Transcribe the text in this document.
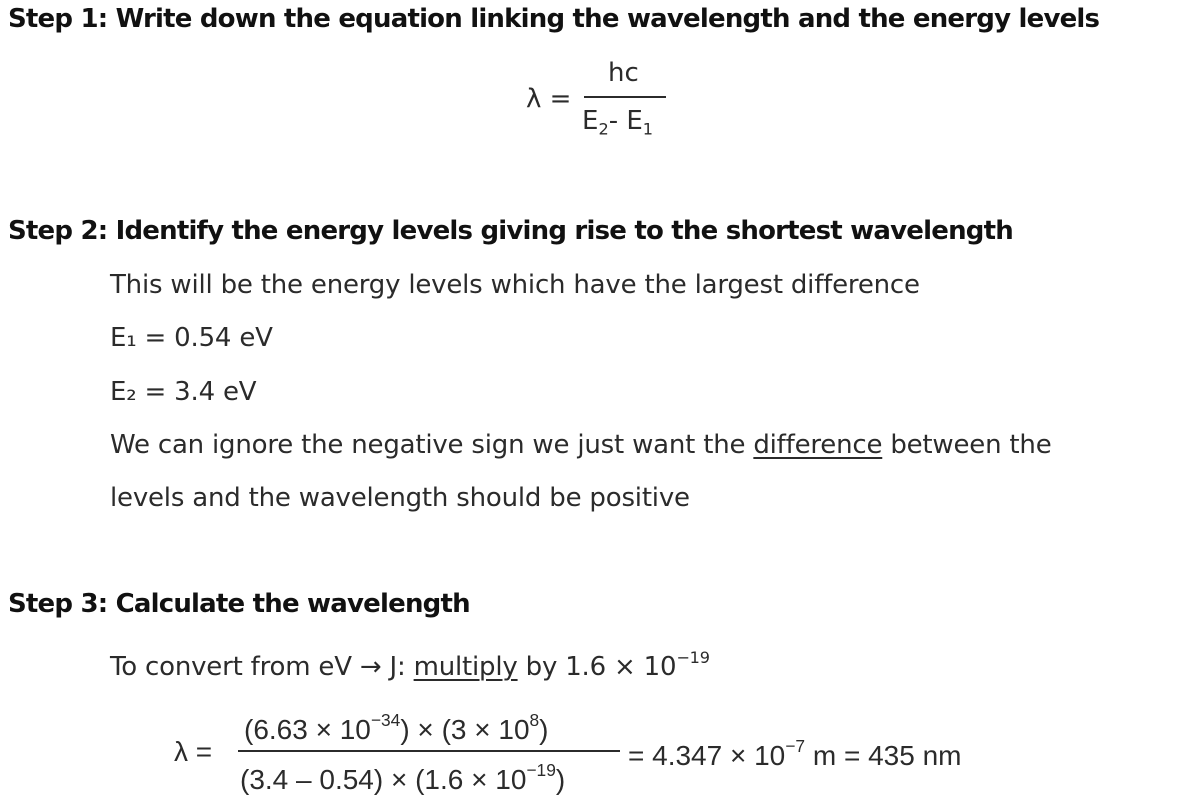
Step 1: Write down the equation linking the wavelength and the energy levels
λ =
hc
$E_2-$ $E_1$
Step 2: Identify the energy levels giving rise to the shortest wavelength
This will be the energy levels which have the largest difference
E₁ = 0.54 eV
E₂ = 3.4 eV
We can ignore the negative sign we just want the difference between the
levels and the wavelength should be positive
Step 3: Calculate the wavelength
To convert from eV → J: multiply by $1.6 \times 10^{-19}$
λ =
$(6.63 \times 10^{-34}) \times (3 \times 10^8)$
$(3.4 - 0.54) \times (1.6 \times 10^{-19})$
= $4.347 \times 10^{-7}$ m = 435 nm
